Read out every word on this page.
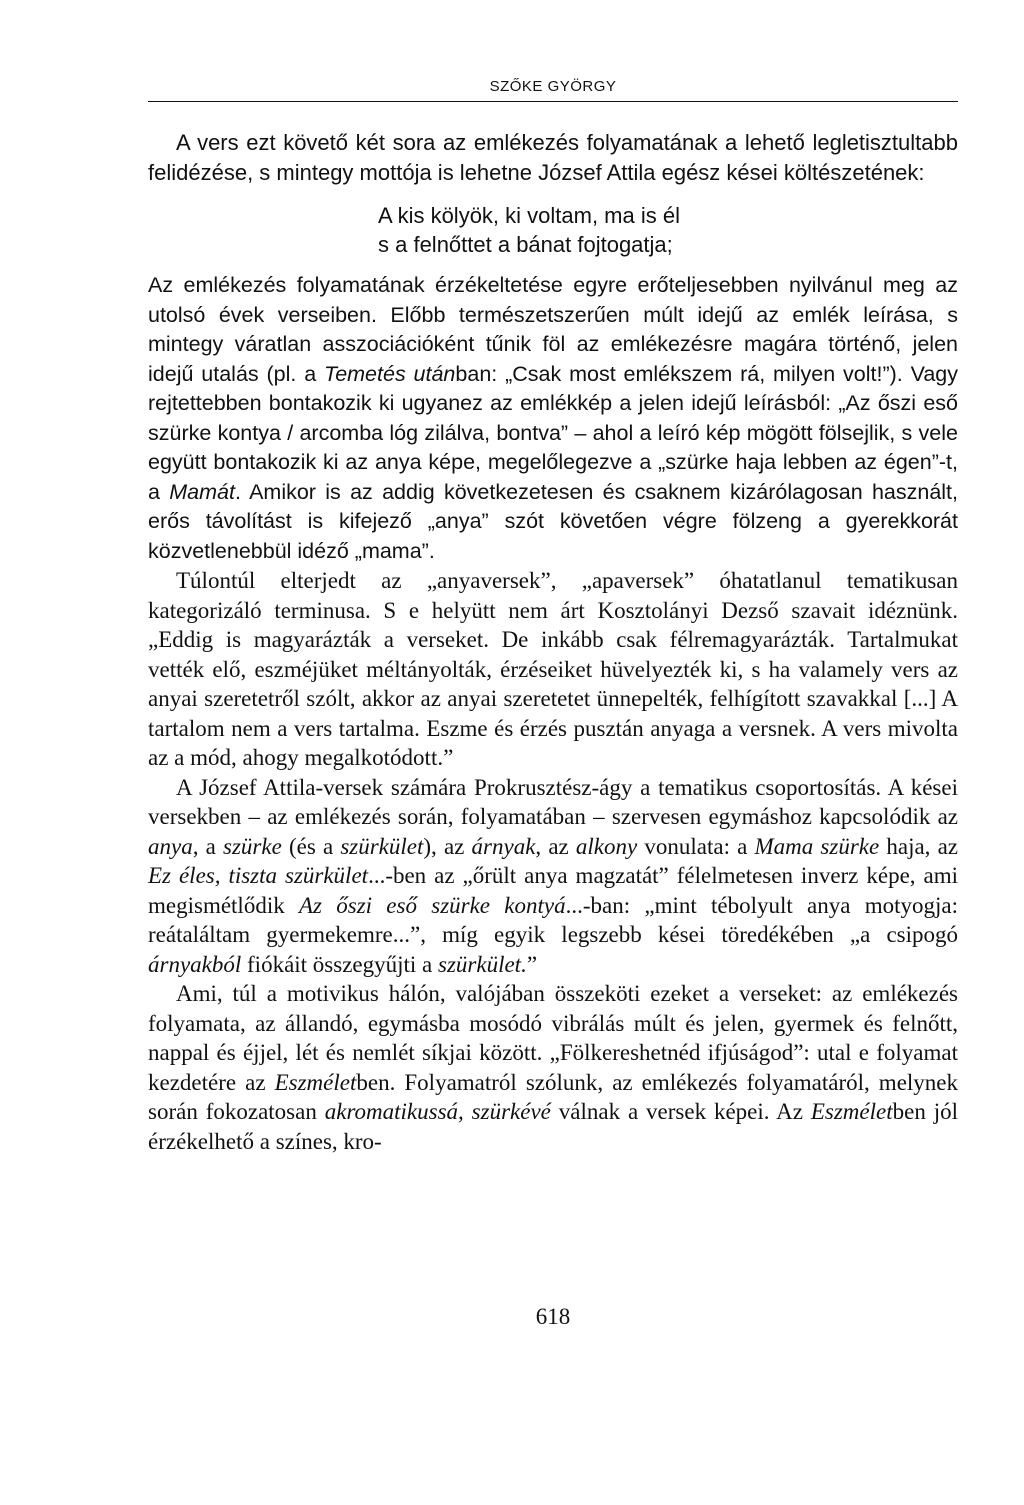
SZŐKE GYÖRGY

A vers ezt követő két sora az emlékezés folyamatának a lehető legletisztultabb felidézése, s mintegy mottója is lehetne József Attila egész kései költészetének:

A kis kölyök, ki voltam, ma is él
s a felnőttet a bánat fojtogatja;

Az emlékezés folyamatának érzékeltetése egyre erőteljesebben nyilvánul meg az utolsó évek verseiben. Előbb természetszerűen múlt idejű az emlék leírása, s mintegy váratlan asszociációként tűnik föl az emlékezésre magára történő, jelen idejű utalás (pl. a Temetés utánban: „Csak most emlékszem rá, milyen volt!”). Vagy rejtettebben bontakozik ki ugyanez az emlékkép a jelen idejű leírásból: „Az őszi eső szürke kontya / arcomba lóg zilálva, bontva” – ahol a leíró kép mögött fölsejlik, s vele együtt bontakozik ki az anya képe, megelőlegezve a „szürke haja lebben az égen”-t, a Mamát. Amikor is az addig következetesen és csaknem kizárólagosan használt, erős távolítást is kifejező „anya” szót követően végre fölzeng a gyerekkorát közvetlenebbül idéző „mama”.

Túlontúl elterjedt az „anyaversek”, „apaversek” óhatatlanul tematikusan kategorizáló terminusa. S e helyütt nem árt Kosztolányi Dezső szavait idéznünk. „Eddig is magyarázták a verseket. De inkább csak félremagyarázták. Tartalmukat vették elő, eszméjüket méltányolták, érzéseiket hüvelyezték ki, s ha valamely vers az anyai szeretetről szólt, akkor az anyai szeretetet ünnepelték, felhígított szavakkal [...] A tartalom nem a vers tartalma. Eszme és érzés pusztán anyaga a versnek. A vers mivolta az a mód, ahogy megalkotódott.”

A József Attila-versek számára Prokrusztész-ágy a tematikus csoportosítás. A kései versekben – az emlékezés során, folyamatában – szervesen egymáshoz kapcsolódik az anya, a szürke (és a szürkület), az árnyak, az alkony vonulata: a Mama szürke haja, az Ez éles, tiszta szürkület...-ben az „őrült anya magzatát” félelmetesen inverz képe, ami megismétlődik Az őszi eső szürke kontyá...-ban: „mint tébolyult anya motyogja: reátaláltam gyermekemre...”, míg egyik legszebb kései töredékében „a csipogó árnyakból fiókáit összegyűjti a szürkület.”

Ami, túl a motivikus hálón, valójában összeköti ezeket a verseket: az emlékezés folyamata, az állandó, egymásba mosódó vibrálás múlt és jelen, gyermek és felnőtt, nappal és éjjel, lét és nemlét síkjai között. „Fölkereshetnéd ifjúságod”: utal e folyamat kezdetére az Eszméletben. Folyamatról szólunk, az emlékezés folyamatáról, melynek során fokozatosan akromatikussá, szürkévé válnak a versek képei. Az Eszméletben jól érzékelhető a színes, kro-

618
